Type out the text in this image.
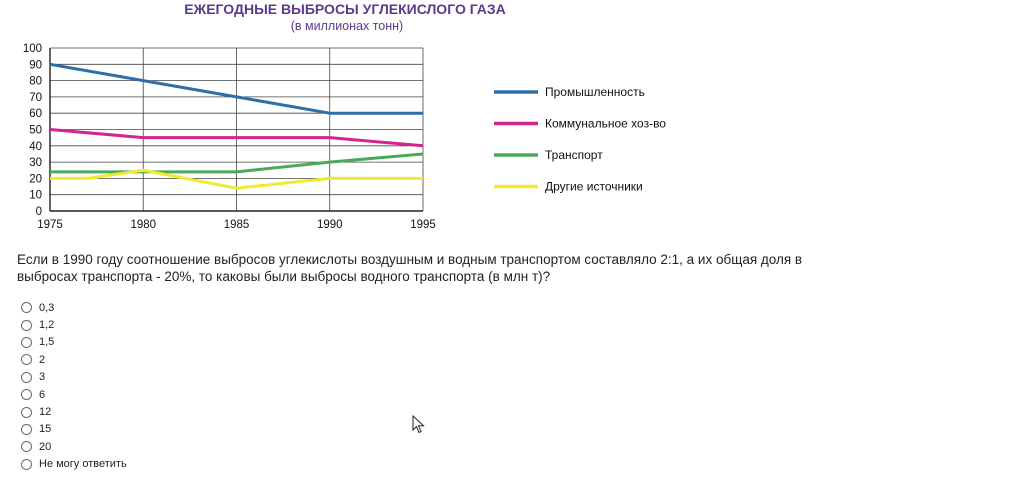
ЕЖЕГОДНЫЕ ВЫБРОСЫ УГЛЕКИСЛОГО ГАЗА
(в миллионах тонн)
0
10
20
30
40
50
60
70
80
90
100
1975	1980	1985	1990	1995
Промышленность
Коммунальное хоз-во
Транспорт
Другие источники
Если в 1990 году соотношение выбросов углекислоты воздушным и водным транспортом составляло 2:1, а их общая доля в выбросах транспорта - 20%, то каковы были выбросы водного транспорта (в млн т)?
0,3
1,2
1,5
2
3
6
12
15
20
Не могу ответить
